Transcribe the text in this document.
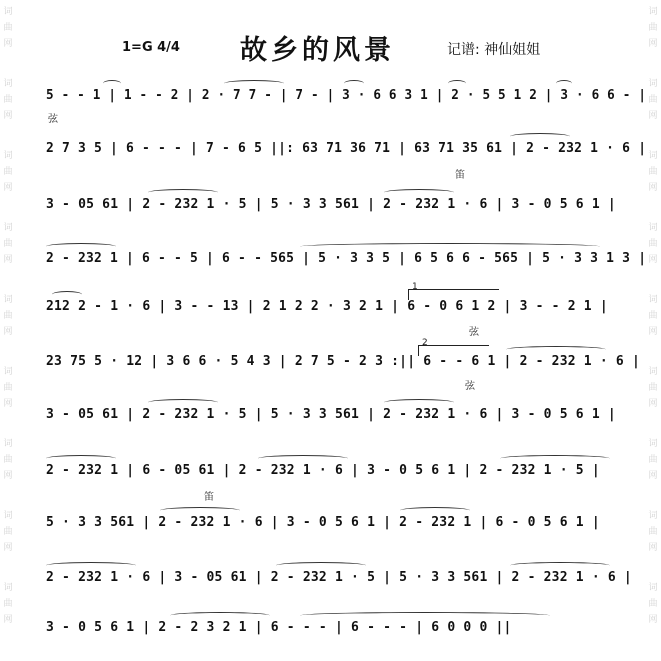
词
曲
网
词
曲
网
词
曲
网
词
曲
网
词
曲
网
词
曲
网
词
曲
网
词
曲
网
词
曲
网
词
曲
网
词
曲
网
词
曲
网
词
曲
网
词
曲
网
词
曲
网
词
曲
网
词
曲
网
词
曲
网
1=G 4/4 故乡的风景	记谱: 神仙姐姐
5 - - 1 | 1 - - 2 | 2 · 7 7 - | 7 - | 3 · 6 6 3 1 | 2 · 5 5 1 2 | 3 · 6 6 - |
2 7 3 5 | 6 - - - | 7 - 6 5 ||: 63 71 36 71 | 63 71 35 61 | 2 - 232 1 · 6 |
3 - 05 61 | 2 - 232 1 · 5 | 5 · 3 3 561 | 2 - 232 1 · 6 | 3 - 0 5 6 1 |
2 - 232 1 | 6 - - 5 | 6 - - 565 | 5 · 3 3 5 | 6 5 6 6 - 565 | 5 · 3 3 1 3 |
212 2 - 1 · 6 | 3 - - 13 | 2 1 2 2 · 3 2 1 | 6 - 0 6 1 2 | 3 - - 2 1 |
23 75 5 · 12 | 3 6 6 · 5 4 3 | 2 7 5 - 2 3 :|| 6 - - 6 1 | 2 - 232 1 · 6 |
3 - 05 61 | 2 - 232 1 · 5 | 5 · 3 3 561 | 2 - 232 1 · 6 | 3 - 0 5 6 1 |
2 - 232 1 | 6 - 05 61 | 2 - 232 1 · 6 | 3 - 0 5 6 1 | 2 - 232 1 · 5 |
5 · 3 3 561 | 2 - 232 1 · 6 | 3 - 0 5 6 1 | 2 - 232 1 | 6 - 0 5 6 1 |
2 - 232 1 · 6 | 3 - 05 61 | 2 - 232 1 · 5 | 5 · 3 3 561 | 2 - 232 1 · 6 |
3 - 0 5 6 1 | 2 - 2 3 2 1 | 6 - - - | 6 - - - | 6 0 0 0 ||
弦
笛
弦
弦
笛
1
2
